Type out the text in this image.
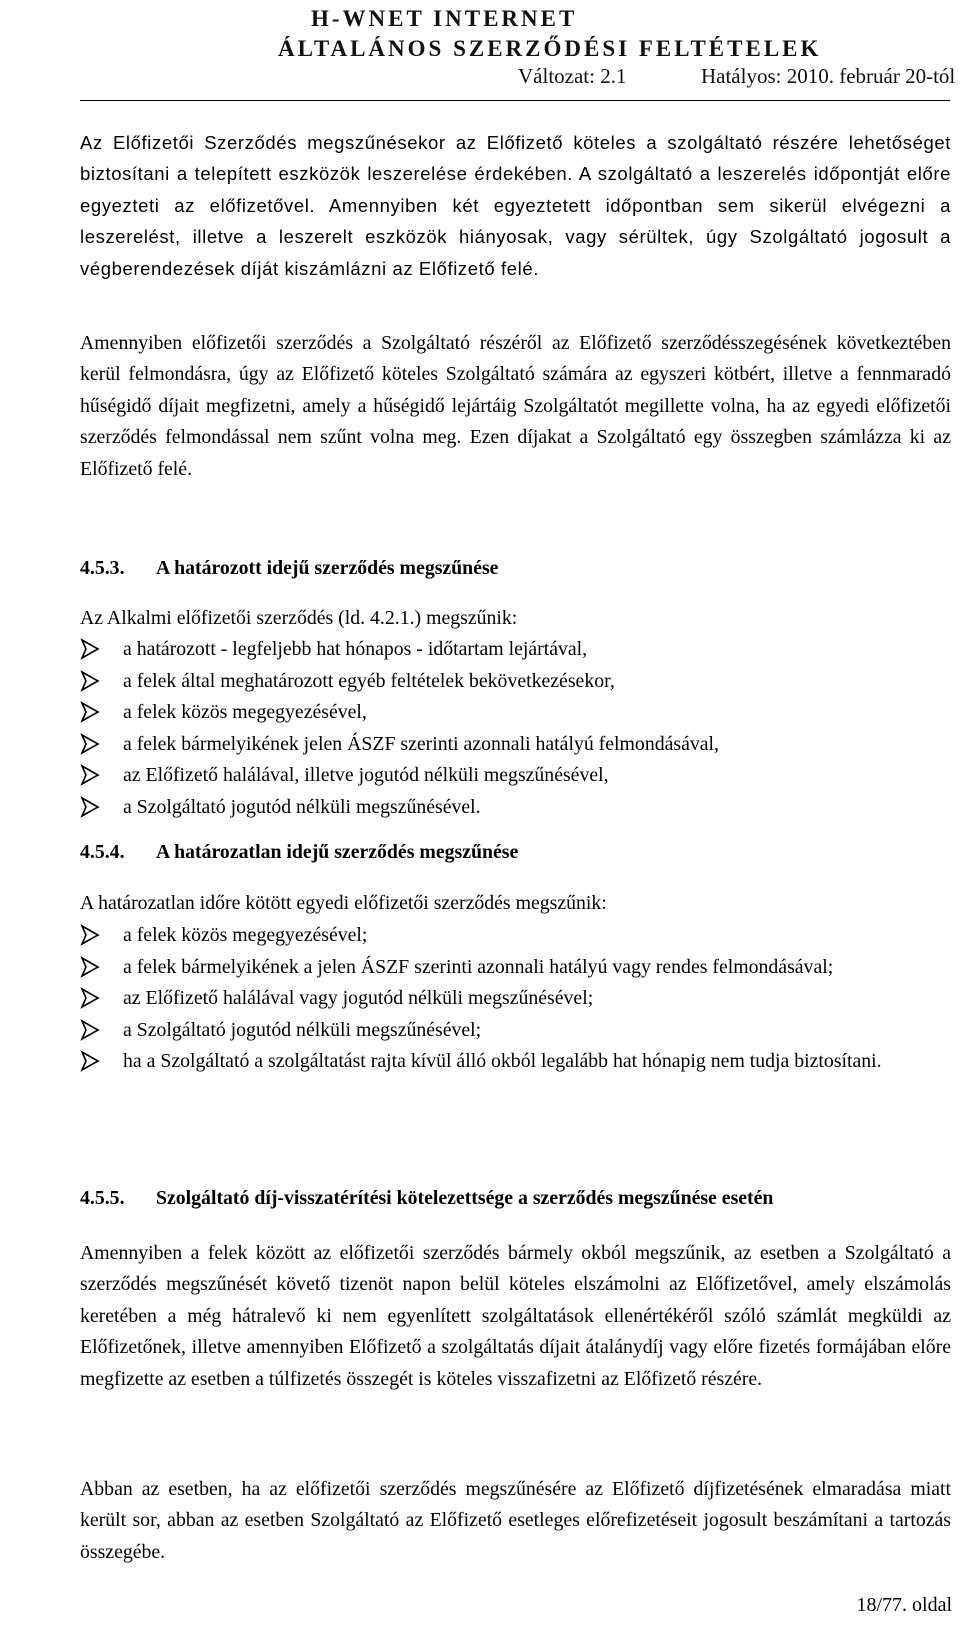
H-WNET INTERNET
ÁLTALÁNOS SZERZŐDÉSI FELTÉTELEK
Változat: 2.1	Hatályos: 2010. február 20-tól

Az Előfizetői Szerződés megszűnésekor az Előfizető köteles a szolgáltató részére lehetőséget biztosítani a telepített eszközök leszerelése érdekében. A szolgáltató a leszerelés időpontját előre egyezteti az előfizetővel. Amennyiben két egyeztetett időpontban sem sikerül elvégezni a leszerelést, illetve a leszerelt eszközök hiányosak, vagy sérültek, úgy Szolgáltató jogosult a végberendezések díját kiszámlázni az Előfizető felé.

Amennyiben előfizetői szerződés a Szolgáltató részéről az Előfizető szerződésszegésének következtében kerül felmondásra, úgy az Előfizető köteles Szolgáltató számára az egyszeri kötbért, illetve a fennmaradó hűségidő díjait megfizetni, amely a hűségidő lejártáig Szolgáltatót megillette volna, ha az egyedi előfizetői szerződés felmondással nem szűnt volna meg. Ezen díjakat a Szolgáltató egy összegben számlázza ki az Előfizető felé.

4.5.3. A határozott idejű szerződés megszűnése
Az Alkalmi előfizetői szerződés (ld. 4.2.1.) megszűnik:
a határozott - legfeljebb hat hónapos - időtartam lejártával,
a felek által meghatározott egyéb feltételek bekövetkezésekor,
a felek közös megegyezésével,
a felek bármelyikének jelen ÁSZF szerinti azonnali hatályú felmondásával,
az Előfizető halálával, illetve jogutód nélküli megszűnésével,
a Szolgáltató jogutód nélküli megszűnésével.
4.5.4. A határozatlan idejű szerződés megszűnése
A határozatlan időre kötött egyedi előfizetői szerződés megszűnik:
a felek közös megegyezésével;
a felek bármelyikének a jelen ÁSZF szerinti azonnali hatályú vagy rendes felmondásával;
az Előfizető halálával vagy jogutód nélküli megszűnésével;
a Szolgáltató jogutód nélküli megszűnésével;
ha a Szolgáltató a szolgáltatást rajta kívül álló okból legalább hat hónapig nem tudja biztosítani.
4.5.5. Szolgáltató díj-visszatérítési kötelezettsége a szerződés megszűnése esetén

Amennyiben a felek között az előfizetői szerződés bármely okból megszűnik, az esetben a Szolgáltató a szerződés megszűnését követő tizenöt napon belül köteles elszámolni az Előfizetővel, amely elszámolás keretében a még hátralevő ki nem egyenlített szolgáltatások ellenértékéről szóló számlát megküldi az Előfizetőnek, illetve amennyiben Előfizető a szolgáltatás díjait átalánydíj vagy előre fizetés formájában előre megfizette az esetben a túlfizetés összegét is köteles visszafizetni az Előfizető részére.

Abban az esetben, ha az előfizetői szerződés megszűnésére az Előfizető díjfizetésének elmaradása miatt került sor, abban az esetben Szolgáltató az Előfizető esetleges előrefizetéseit jogosult beszámítani a tartozás összegébe.

18/77. oldal
